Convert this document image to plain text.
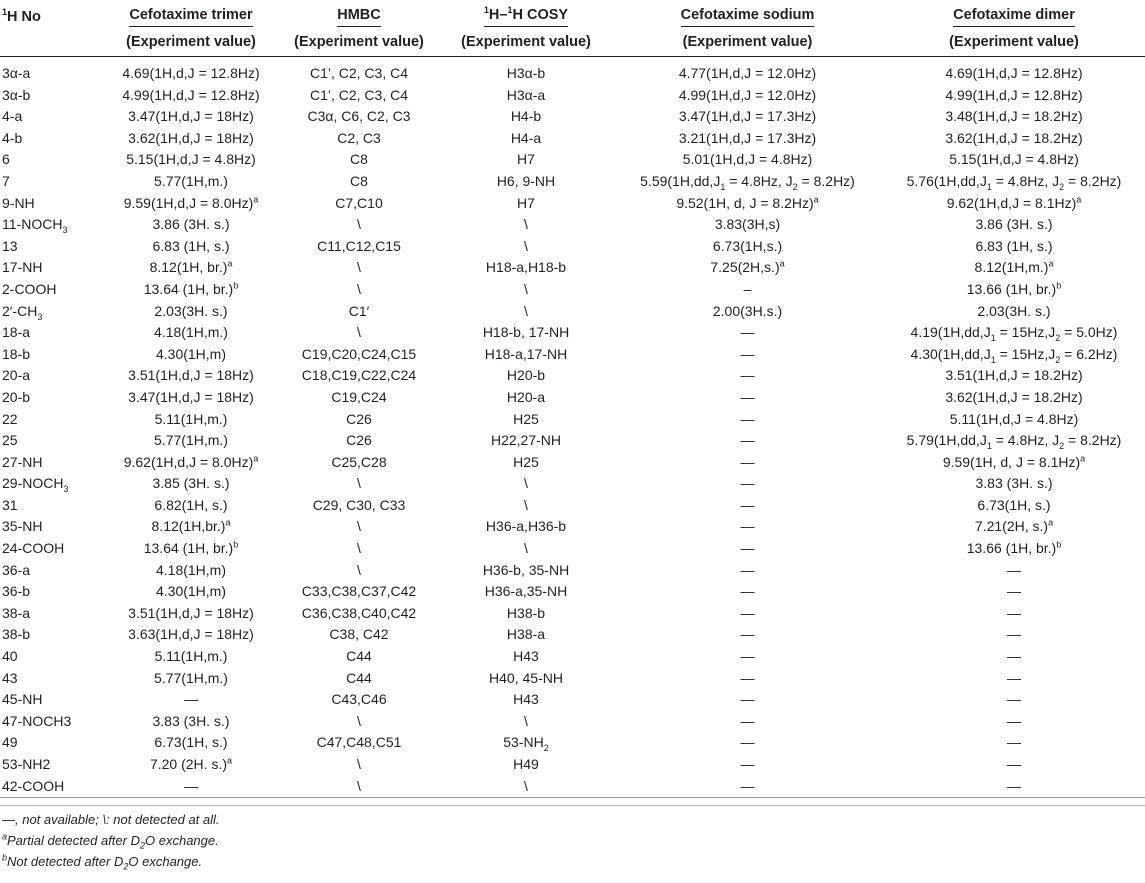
$^1$H No	Cefotaxime trimer	HMBC	$^1$H–$^1$H COSY	Cefotaxime sodium	Cefotaxime dimer
	(Experiment value)	(Experiment value)	(Experiment value)	(Experiment value)	(Experiment value)
3α-a	4.69(1H,d,J = 12.8Hz)	C1’, C2, C3, C4	H3α-b	4.77(1H,d,J = 12.0Hz)	4.69(1H,d,J = 12.8Hz)
3α-b	4.99(1H,d,J = 12.8Hz)	C1’, C2, C3, C4	H3α-a	4.99(1H,d,J = 12.0Hz)	4.99(1H,d,J = 12.8Hz)
4-a	3.47(1H,d,J = 18Hz)	C3α, C6, C2, C3	H4-b	3.47(1H,d,J = 17.3Hz)	3.48(1H,d,J = 18.2Hz)
4-b	3.62(1H,d,J = 18Hz)	C2, C3	H4-a	3.21(1H,d,J = 17.3Hz)	3.62(1H,d,J = 18.2Hz)
6	5.15(1H,d,J = 4.8Hz)	C8	H7	5.01(1H,d,J = 4.8Hz)	5.15(1H,d,J = 4.8Hz)
7	5.77(1H,m.)	C8	H6, 9-NH	$5.59(1H,dd,J_1 = 4.8Hz$, $J_2 = 8.2Hz$)	$5.76(1H,dd,J_1 = 4.8Hz$, $J_2 = 8.2Hz$)
9-NH	9.59(1H,d,J = 8.0Hz)$^a$	C7,C10	H7	9.52(1H, d, J = 8.2Hz)$^a$	9.62(1H,d,J = 8.1Hz)$^a$
$11-NOCH_3$	3.86 (3H. s.)	\	\	3.83(3H,s)	3.86 (3H. s.)
13	6.83 (1H, s.)	C11,C12,C15	\	6.73(1H,s.)	6.83 (1H, s.)
17-NH	8.12(1H, br.)$^a$	\	H18-a,H18-b	$7.25(2H,s.)^a$	$8.12(1H,m.)^a$
2-COOH	13.64 (1H, br.)$^b$	\	\	–	13.66 (1H, br.)$^b$
$2'-CH_3$	2.03(3H. s.)	C1′	\	2.00(3H.s.)	2.03(3H. s.)
18-a	4.18(1H,m.)	\	H18-b, 17-NH	—	$4.19(1H,dd,J_1 = 15Hz,J_2 = 5.0Hz)$
18-b	4.30(1H,m)	C19,C20,C24,C15	H18-a,17-NH	—	$4.30(1H,dd,J_1 = 15Hz,J_2 = 6.2Hz)$
20-a	3.51(1H,d,J = 18Hz)	C18,C19,C22,C24	H20-b	—	3.51(1H,d,J = 18.2Hz)
20-b	3.47(1H,d,J = 18Hz)	C19,C24	H20-a	—	3.62(1H,d,J = 18.2Hz)
22	5.11(1H,m.)	C26	H25	—	5.11(1H,d,J = 4.8Hz)
25	5.77(1H,m.)	C26	H22,27-NH	—	$5.79(1H,dd,J_1 = 4.8Hz$, $J_2 = 8.2Hz$)
27-NH	9.62(1H,d,J = 8.0Hz)$^a$	C25,C28	H25	—	9.59(1H, d, J = 8.1Hz)$^a$
$29-NOCH_3$	3.85 (3H. s.)	\	\	—	3.83 (3H. s.)
31	6.82(1H, s.)	C29, C30, C33	\	—	6.73(1H, s.)
35-NH	$8.12(1H,br.)^a$	\	H36-a,H36-b	—	7.21(2H, s.)$^a$
24-COOH	13.64 (1H, br.)$^b$	\	\	—	13.66 (1H, br.)$^b$
36-a	4.18(1H,m)	\	H36-b, 35-NH	—	—
36-b	4.30(1H,m)	C33,C38,C37,C42	H36-a,35-NH	—	—
38-a	3.51(1H,d,J = 18Hz)	C36,C38,C40,C42	H38-b	—	—
38-b	3.63(1H,d,J = 18Hz)	C38, C42	H38-a	—	—
40	5.11(1H,m.)	C44	H43	—	—
43	5.77(1H,m.)	C44	H40, 45-NH	—	—
45-NH	—	C43,C46	H43	—	—
47-NOCH3	3.83 (3H. s.)	\	\	—	—
49	6.73(1H, s.)	C47,C48,C51	$53-NH_2$	—	—
53-NH2	7.20 (2H. s.)$^a$	\	H49	—	—
42-COOH	—	\	\	—	—

—, not available; \: not detected at all.
$^a$Partial detected after $D_2O$ exchange.
$^b$Not detected after $D_2O$ exchange.
